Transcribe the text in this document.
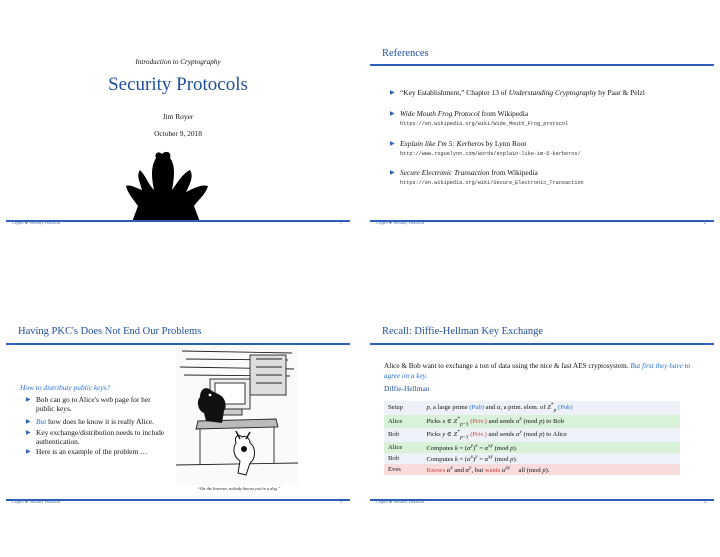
Introduction to Cryptography
Security Protocols
Jim Royer
October 9, 2018
Crypto ❖ Security Protocols	1
References
▶ “Key Establishment,” Chapter 13 of Understanding Cryptography by Paar & Pelzl
▶ Wide Mouth Frog Protocol from Wikipedia
https://en.wikipedia.org/wiki/Wide_Mouth_Frog_protocol
▶ Explain like I'm 5: Kerberos by Lynn Root
http://www.roguelynn.com/words/explain-like-im-5-kerberos/
▶ Secure Electronic Transaction from Wikipedia
https://en.wikipedia.org/wiki/Secure_Electronic_Transaction
Crypto ❖ Security Protocols	2
Having PKC's Does Not End Our Problems
How to distribute public keys?
▶ Bob can go to Alice's web page for her public keys.
▶ But how does he know it is really Alice.
▶ Key exchange/distribution needs to include authentication.
▶ Here is an example of the problem …
“On the Internet, nobody knows you're a dog.”
Crypto ❖ Security Protocols	3
Recall: Diffie-Hellman Key Exchange
Alice & Bob want to exchange a ton of data using the nice & fast AES cryptosystem. But first they have to agree on a key.
Diffie-Hellman
Setup	p, a large prime (Pub) and α, a prim. elem. of $Z^*_p$ (Pub)
Alice	Picks x ∈ $Z^*_{p-1}$ (Priv.) and sends $\alpha^x$ (mod p) to Bob
Bob	Picks y ∈ $Z^*_{p-1}$ (Priv.) and sends $\alpha^y$ (mod p) to Alice
Alice	Computes $k = (\alpha^y)^x = \alpha^{xy}$ (mod p).
Bob	Computes $k = (\alpha^x)^y = \alpha^{xy}$ (mod p).
Eves	Knows $\alpha^x$ and $\alpha^y$, but wants $\alpha^{xy}$     all (mod p).
Crypto ❖ Security Protocols	4
